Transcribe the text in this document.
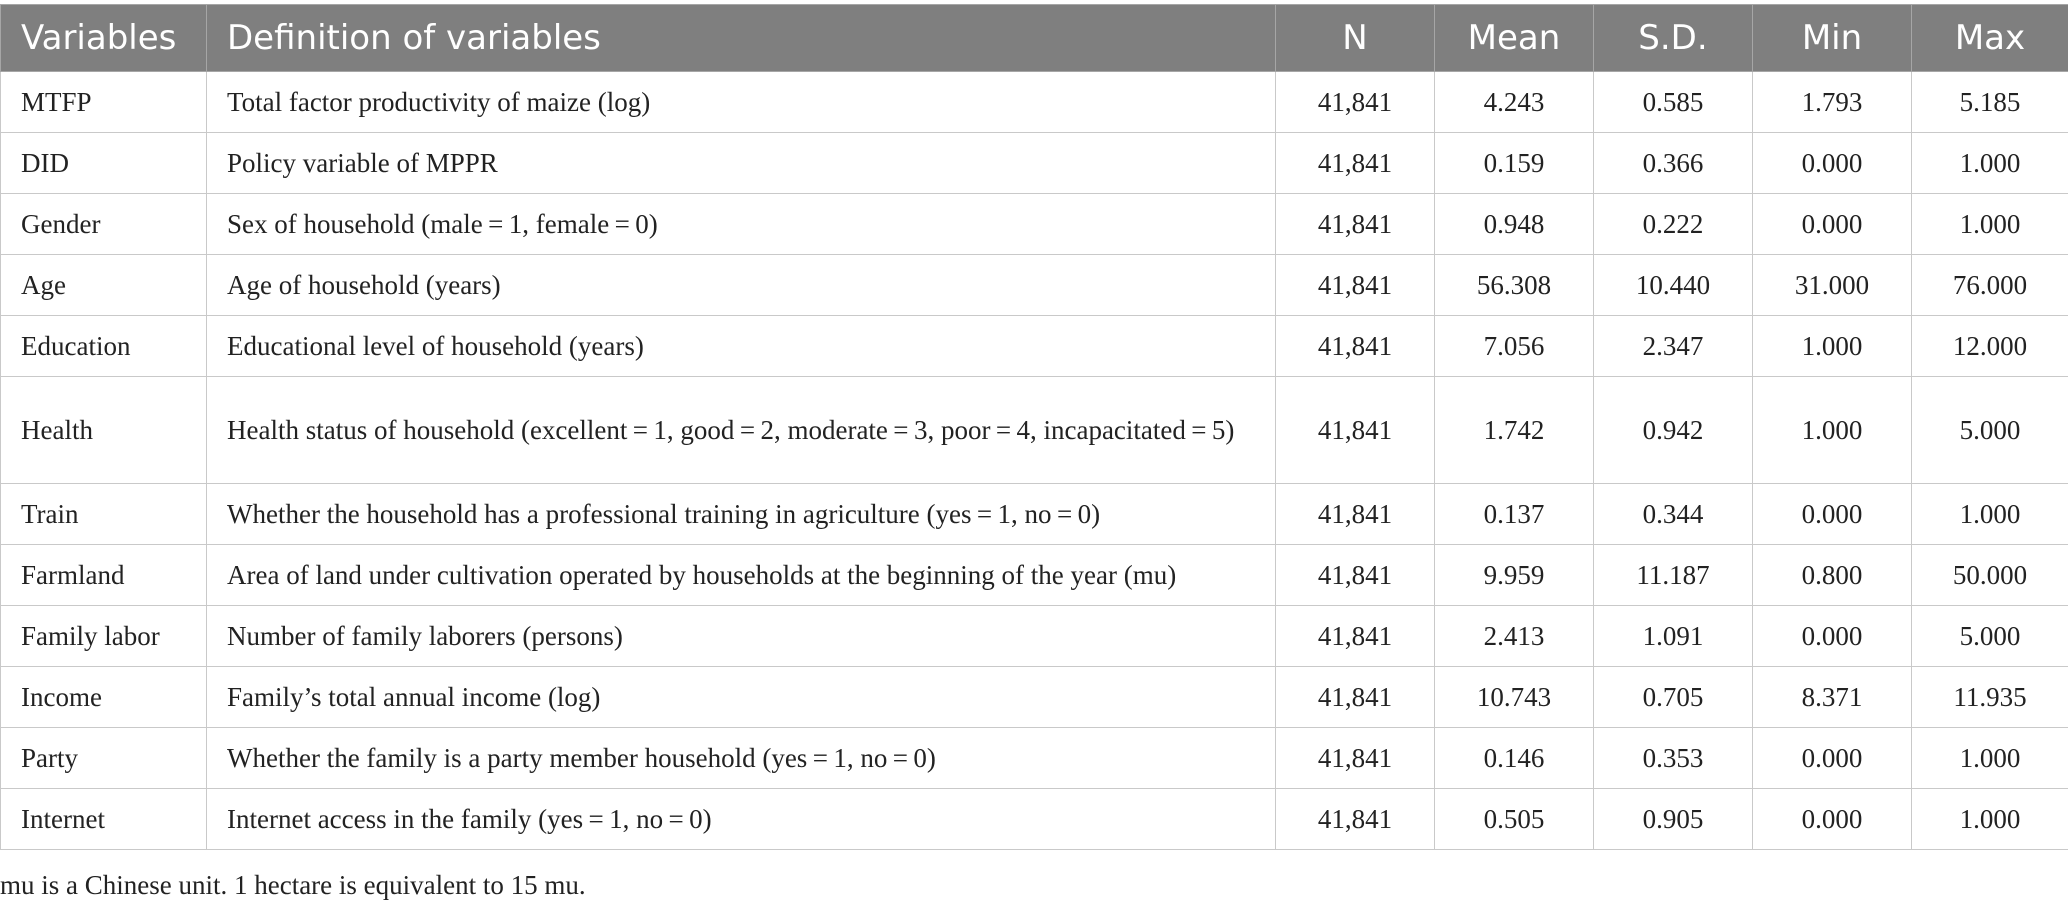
Variables	Definition of variables	N	Mean	S.D.	Min	Max
MTFP	Total factor productivity of maize (log)	41,841	4.243	0.585	1.793	5.185
DID	Policy variable of MPPR	41,841	0.159	0.366	0.000	1.000
Gender	Sex of household (male = 1, female = 0)	41,841	0.948	0.222	0.000	1.000
Age	Age of household (years)	41,841	56.308	10.440	31.000	76.000
Education	Educational level of household (years)	41,841	7.056	2.347	1.000	12.000
Health	Health status of household (excellent = 1, good = 2, moderate = 3, poor = 4, incapacitated = 5)	41,841	1.742	0.942	1.000	5.000
Train	Whether the household has a professional training in agriculture (yes = 1, no = 0)	41,841	0.137	0.344	0.000	1.000
Farmland	Area of land under cultivation operated by households at the beginning of the year (mu)	41,841	9.959	11.187	0.800	50.000
Family labor	Number of family laborers (persons)	41,841	2.413	1.091	0.000	5.000
Income	Family’s total annual income (log)	41,841	10.743	0.705	8.371	11.935
Party	Whether the family is a party member household (yes = 1, no = 0)	41,841	0.146	0.353	0.000	1.000
Internet	Internet access in the family (yes = 1, no = 0)	41,841	0.505	0.905	0.000	1.000
mu is a Chinese unit. 1 hectare is equivalent to 15 mu.
